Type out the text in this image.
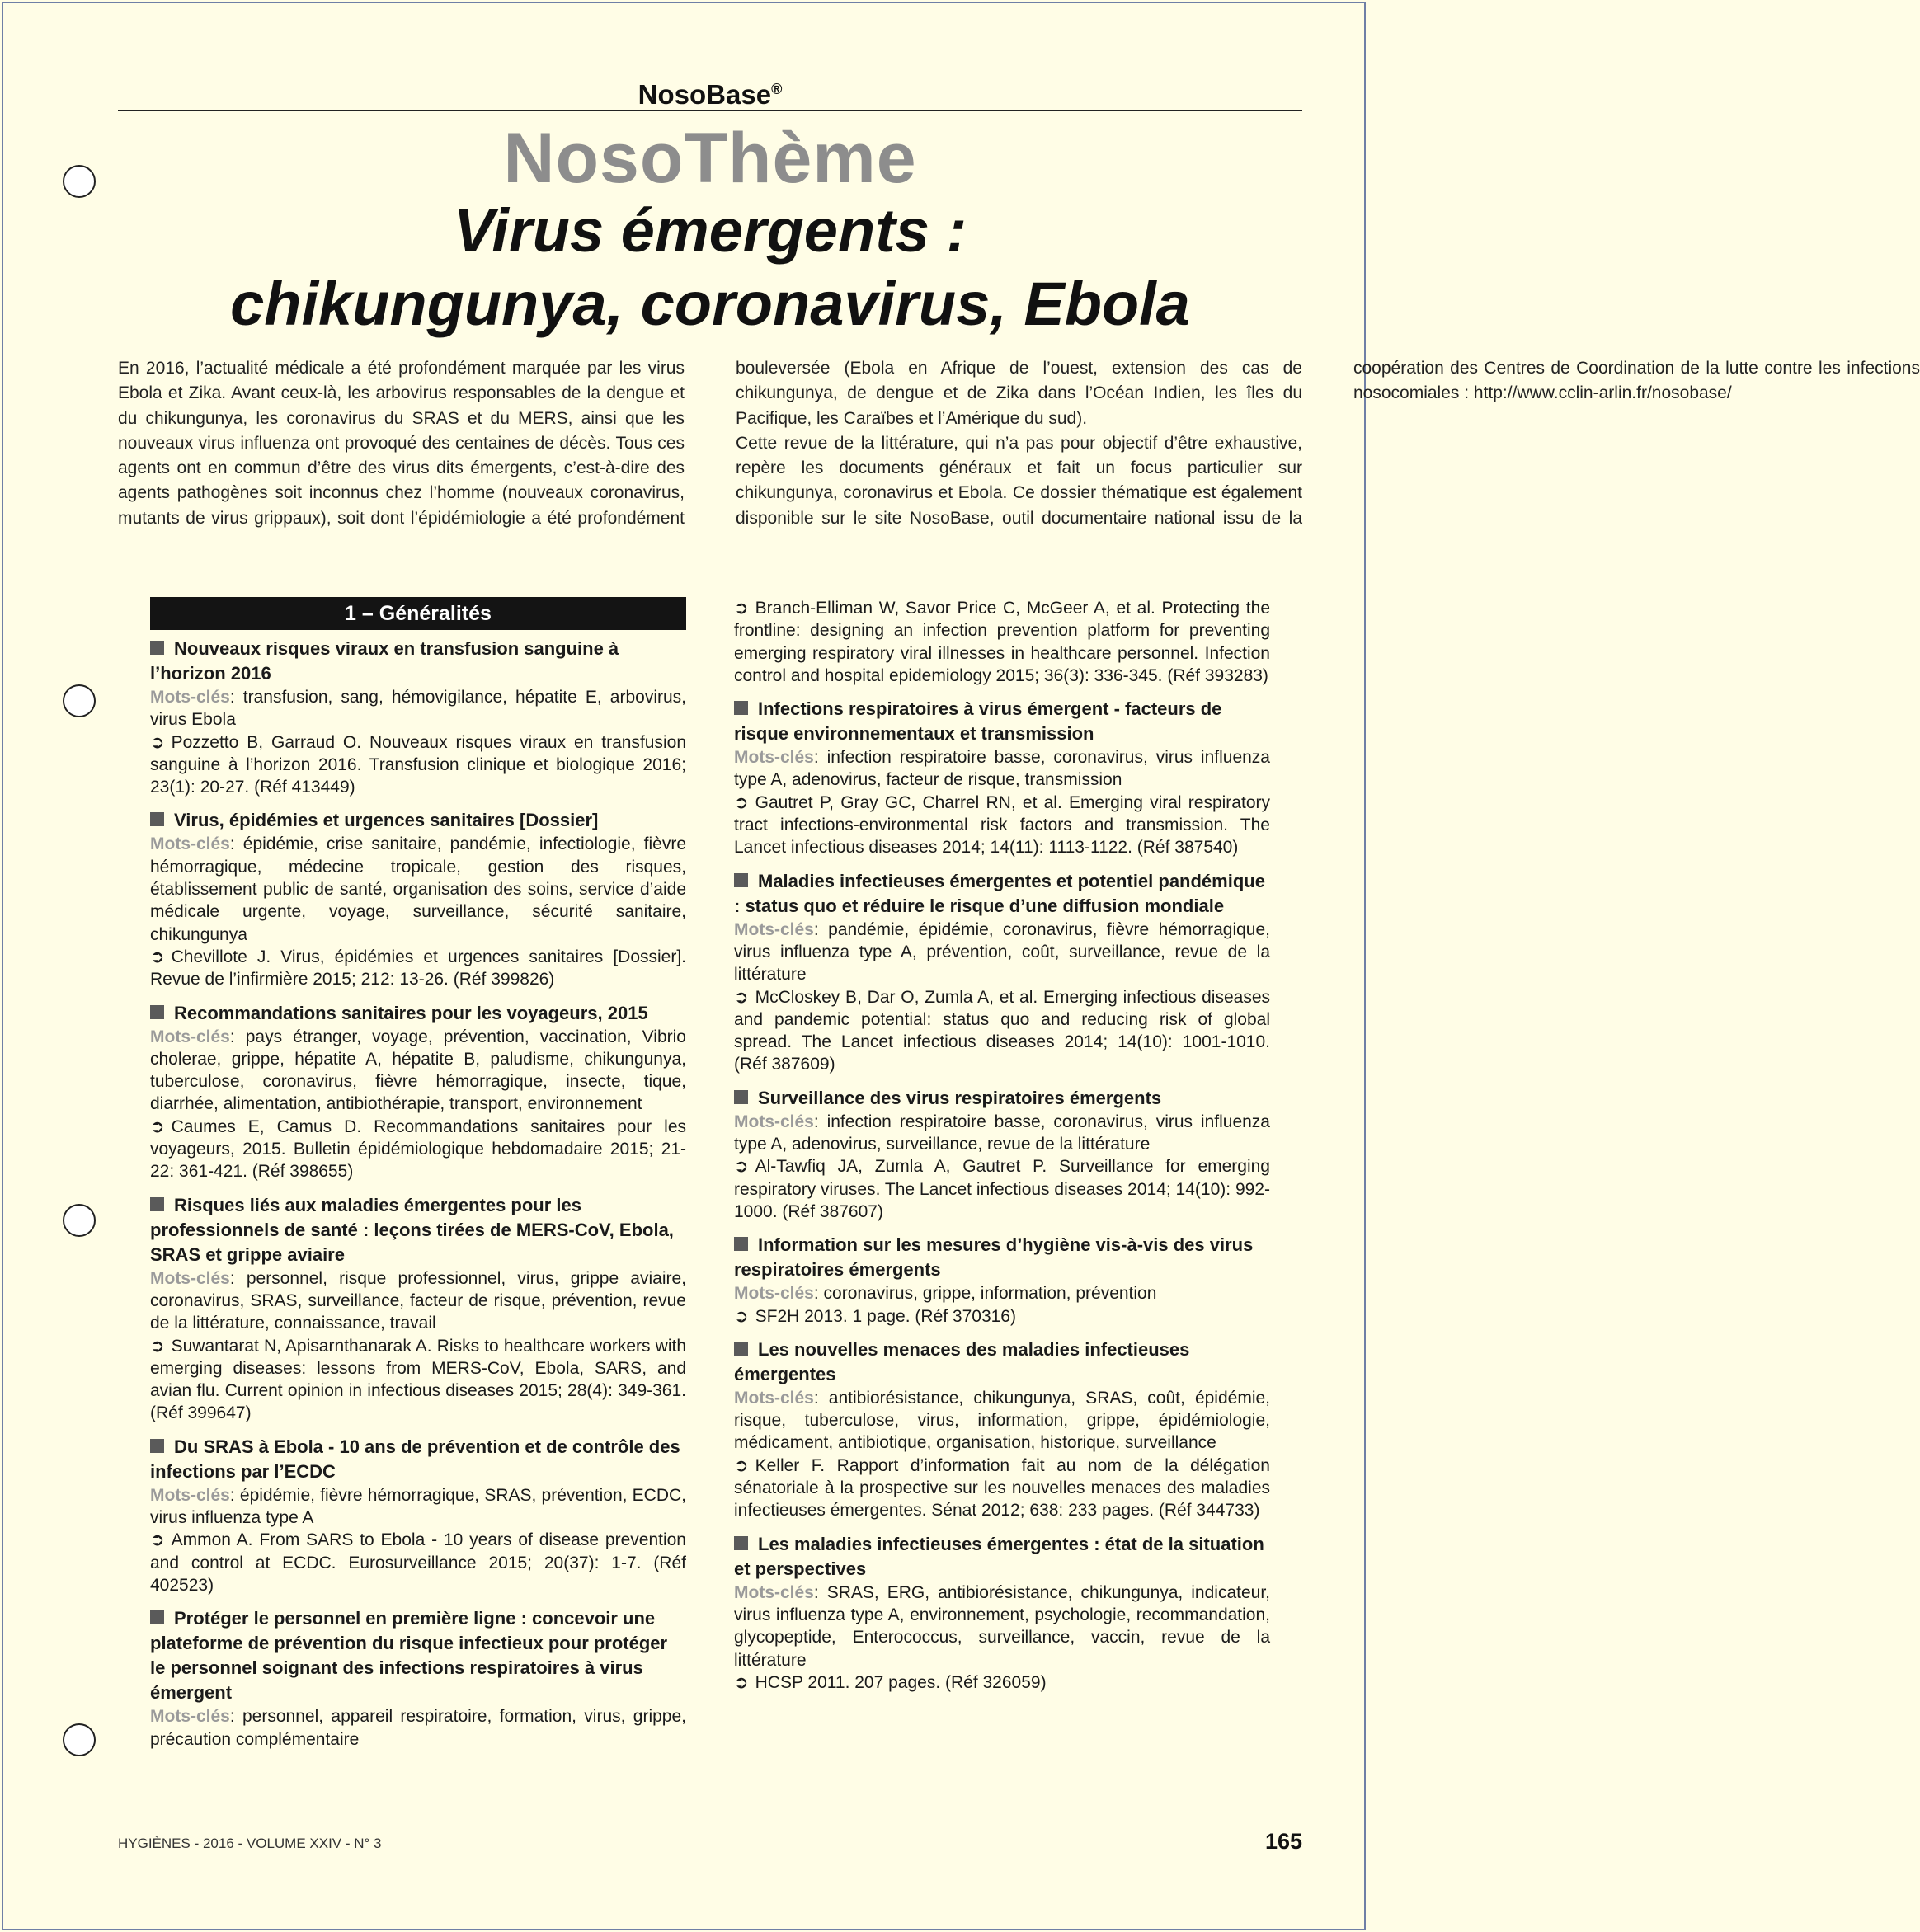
NosoBase®
NosoThème
Virus émergents :
chikungunya, coronavirus, Ebola

En 2016, l’actualité médicale a été profondément marquée par les virus Ebola et Zika. Avant ceux-là, les arbovirus responsables de la dengue et du chikungunya, les coronavirus du SRAS et du MERS, ainsi que les nouveaux virus influenza ont provoqué des centaines de décès. Tous ces agents ont en commun d’être des virus dits émergents, c’est-à-dire des agents pathogènes soit inconnus chez l’homme (nouveaux coronavirus, mutants de virus grippaux), soit dont l’épidémiologie a été profondément bouleversée (Ebola en Afrique de l’ouest, extension des cas de chikungunya, de dengue et de Zika dans l’Océan Indien, les îles du Pacifique, les Caraïbes et l’Amérique du sud).

Cette revue de la littérature, qui n’a pas pour objectif d’être exhaustive, repère les documents généraux et fait un focus particulier sur chikungunya, coronavirus et Ebola. Ce dossier thématique est également disponible sur le site NosoBase, outil documentaire national issu de la coopération des Centres de Coordination de la lutte contre les infections nosocomiales : http://www.cclin-arlin.fr/nosobase/

1 – Généralités

Nouveaux risques viraux en transfusion sanguine à l’horizon 2016

Mots-clés: transfusion, sang, hémovigilance, hépatite E, arbovirus, virus Ebola

➲ Pozzetto B, Garraud O. Nouveaux risques viraux en transfusion sanguine à l’horizon 2016. Transfusion clinique et biologique 2016; 23(1): 20-27. (Réf 413449)

Virus, épidémies et urgences sanitaires [Dossier]

Mots-clés: épidémie, crise sanitaire, pandémie, infectiologie, fièvre hémorragique, médecine tropicale, gestion des risques, établissement public de santé, organisation des soins, service d’aide médicale urgente, voyage, surveillance, sécurité sanitaire, chikungunya

➲ Chevillote J. Virus, épidémies et urgences sanitaires [Dossier]. Revue de l’infirmière 2015; 212: 13-26. (Réf 399826)

Recommandations sanitaires pour les voyageurs, 2015

Mots-clés: pays étranger, voyage, prévention, vaccination, Vibrio cholerae, grippe, hépatite A, hépatite B, paludisme, chikungunya, tuberculose, coronavirus, fièvre hémorragique, insecte, tique, diarrhée, alimentation, antibiothérapie, transport, environnement

➲ Caumes E, Camus D. Recommandations sanitaires pour les voyageurs, 2015. Bulletin épidémiologique hebdomadaire 2015; 21-22: 361-421. (Réf 398655)

Risques liés aux maladies émergentes pour les professionnels de santé : leçons tirées de MERS-CoV, Ebola, SRAS et grippe aviaire

Mots-clés: personnel, risque professionnel, virus, grippe aviaire, coronavirus, SRAS, surveillance, facteur de risque, prévention, revue de la littérature, connaissance, travail

➲ Suwantarat N, Apisarnthanarak A. Risks to healthcare workers with emerging diseases: lessons from MERS-CoV, Ebola, SARS, and avian flu. Current opinion in infectious diseases 2015; 28(4): 349-361. (Réf 399647)

Du SRAS à Ebola - 10 ans de prévention et de contrôle des infections par l’ECDC

Mots-clés: épidémie, fièvre hémorragique, SRAS, prévention, ECDC, virus influenza type A

➲ Ammon A. From SARS to Ebola - 10 years of disease prevention and control at ECDC. Eurosurveillance 2015; 20(37): 1-7. (Réf 402523)

Protéger le personnel en première ligne : concevoir une plateforme de prévention du risque infectieux pour protéger le personnel soignant des infections respiratoires à virus émergent

Mots-clés: personnel, appareil respiratoire, formation, virus, grippe, précaution complémentaire

➲ Branch-Elliman W, Savor Price C, McGeer A, et al. Protecting the frontline: designing an infection prevention platform for preventing emerging respiratory viral illnesses in healthcare personnel. Infection control and hospital epidemiology 2015; 36(3): 336-345. (Réf 393283)

Infections respiratoires à virus émergent - facteurs de risque environnementaux et transmission

Mots-clés: infection respiratoire basse, coronavirus, virus influenza type A, adenovirus, facteur de risque, transmission

➲ Gautret P, Gray GC, Charrel RN, et al. Emerging viral respiratory tract infections-environmental risk factors and transmission. The Lancet infectious diseases 2014; 14(11): 1113-1122. (Réf 387540)

Maladies infectieuses émergentes et potentiel pandémique : status quo et réduire le risque d’une diffusion mondiale

Mots-clés: pandémie, épidémie, coronavirus, fièvre hémorragique, virus influenza type A, prévention, coût, surveillance, revue de la littérature

➲ McCloskey B, Dar O, Zumla A, et al. Emerging infectious diseases and pandemic potential: status quo and reducing risk of global spread. The Lancet infectious diseases 2014; 14(10): 1001-1010. (Réf 387609)

Surveillance des virus respiratoires émergents

Mots-clés: infection respiratoire basse, coronavirus, virus influenza type A, adenovirus, surveillance, revue de la littérature

➲ Al-Tawfiq JA, Zumla A, Gautret P. Surveillance for emerging respiratory viruses. The Lancet infectious diseases 2014; 14(10): 992-1000. (Réf 387607)

Information sur les mesures d’hygiène vis-à-vis des virus respiratoires émergents

Mots-clés: coronavirus, grippe, information, prévention

➲ SF2H 2013. 1 page. (Réf 370316)

Les nouvelles menaces des maladies infectieuses émergentes

Mots-clés: antibiorésistance, chikungunya, SRAS, coût, épidémie, risque, tuberculose, virus, information, grippe, épidémiologie, médicament, antibiotique, organisation, historique, surveillance

➲ Keller F. Rapport d’information fait au nom de la délégation sénatoriale à la prospective sur les nouvelles menaces des maladies infectieuses émergentes. Sénat 2012; 638: 233 pages. (Réf 344733)

Les maladies infectieuses émergentes : état de la situation et perspectives

Mots-clés: SRAS, ERG, antibiorésistance, chikungunya, indicateur, virus influenza type A, environnement, psychologie, recommandation, glycopeptide, Enterococcus, surveillance, vaccin, revue de la littérature

➲ HCSP 2011. 207 pages. (Réf 326059)

HYGIÈNES - 2016 - VOLUME XXIV - N° 3	165
